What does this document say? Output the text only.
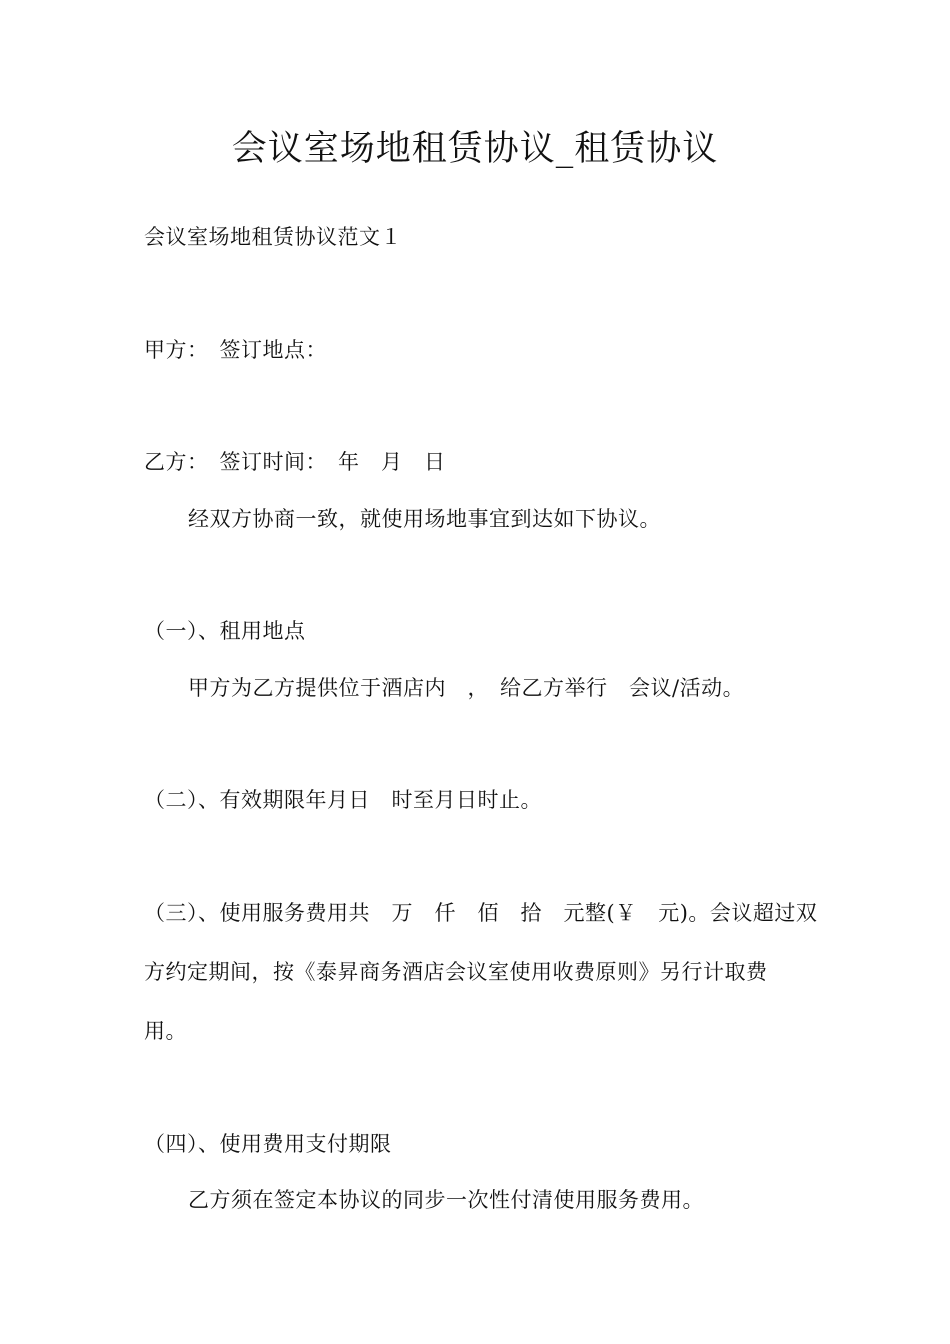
会议室场地租赁协议_租赁协议
会议室场地租赁协议范文１
甲方：　签订地点：
乙方：　签订时间：　年　月　日
经双方协商一致，就使用场地事宜到达如下协议。
（一）、租用地点
甲方为乙方提供位于酒店内　，　给乙方举行　会议/活动。
（二）、有效期限年月日　时至月日时止。
（三）、使用服务费用共　万　仟　佰　拾　元整(￥　元)。会议超过双
方约定期间，按《泰昇商务酒店会议室使用收费原则》另行计取费
用。
（四）、使用费用支付期限
乙方须在签定本协议的同步一次性付清使用服务费用。
